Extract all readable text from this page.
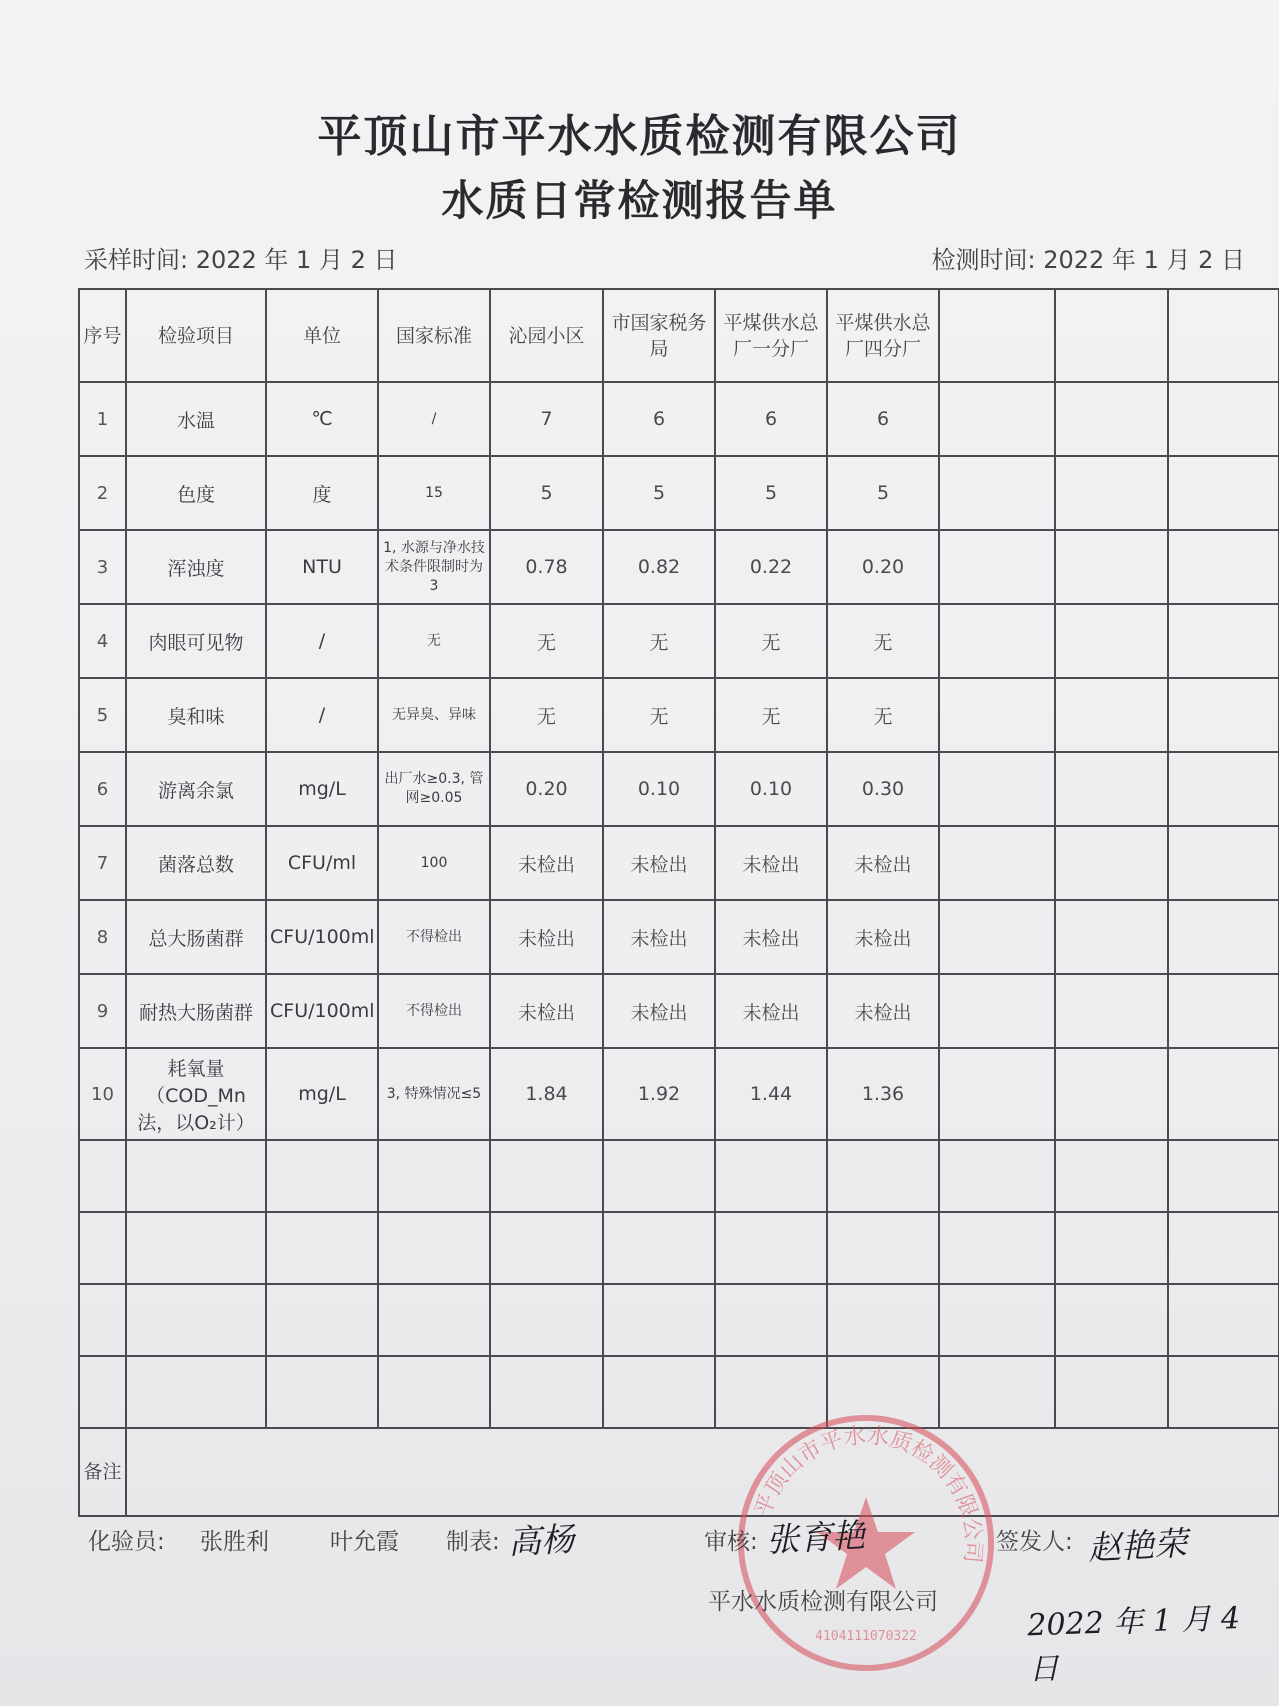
平顶山市平水水质检测有限公司
水质日常检测报告单
采样时间: 2022 年 1 月 2 日	检测时间: 2022 年 1 月 2 日
序号	检验项目	单位	国家标准	沁园小区	市国家税务局	平煤供水总厂一分厂	平煤供水总厂四分厂			
1	水温	℃	/	7	6	6	6			
2	色度	度	15	5	5	5	5			
3	浑浊度	NTU	1, 水源与净水技术条件限制时为3	0.78	0.82	0.22	0.20			
4	肉眼可见物	/	无	无	无	无	无			
5	臭和味	/	无异臭、异味	无	无	无	无			
6	游离余氯	mg/L	出厂水≥0.3, 管网≥0.05	0.20	0.10	0.10	0.30			
7	菌落总数	CFU/ml	100	未检出	未检出	未检出	未检出			
8	总大肠菌群	CFU/100ml	不得检出	未检出	未检出	未检出	未检出			
9	耐热大肠菌群	CFU/100ml	不得检出	未检出	未检出	未检出	未检出			
10	耗氧量（COD_Mn法，以O₂计）	mg/L	3, 特殊情况≤5	1.84	1.92	1.44	1.36			

备注										
平顶山市平水水质检测有限公司
4104111070322
化验员: 张胜利	叶允霞 制表: 高杨	审核: 张育艳	签发人: 赵艳荣
平水水质检测有限公司	2022 年 1 月 4 日
